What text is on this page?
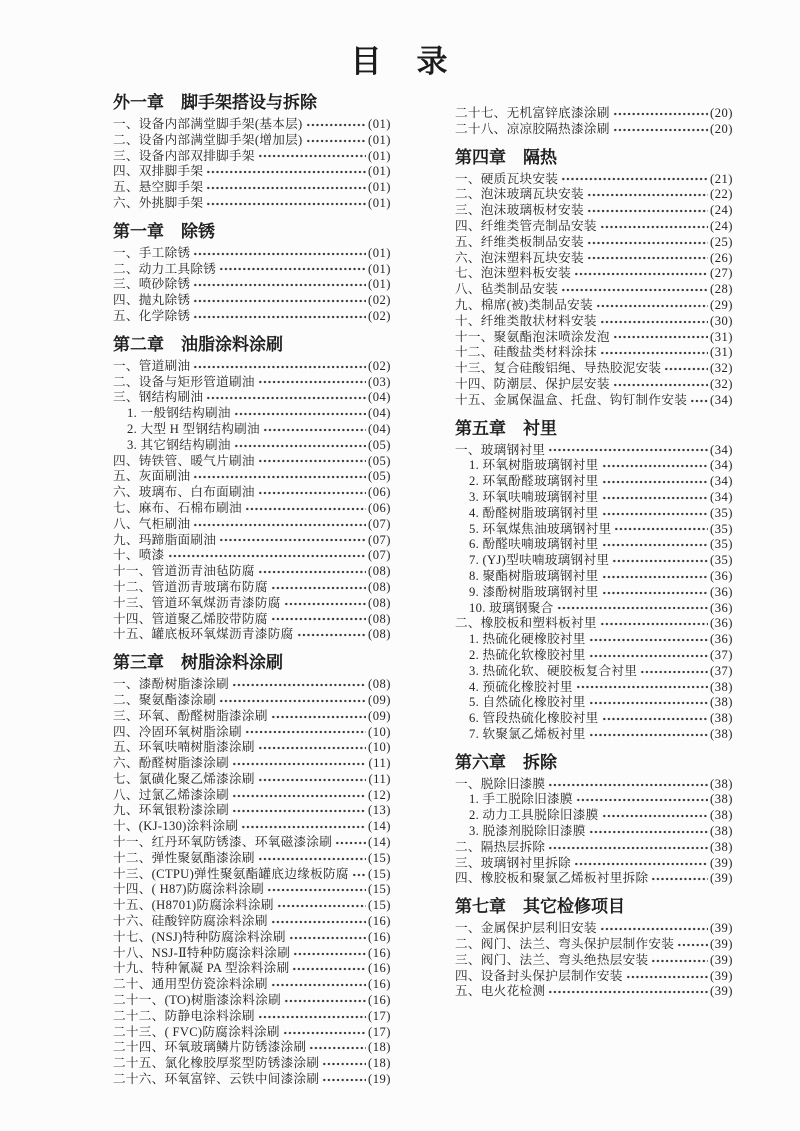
目　录
外一章　脚手架搭设与拆除
一、设备内部满堂脚手架(基本层)	(01)
二、设备内部满堂脚手架(增加层)	(01)
三、设备内部双排脚手架	(01)
四、双排脚手架	(01)
五、悬空脚手架	(01)
六、外挑脚手架	(01)
第一章　除锈
一、手工除锈	(01)
二、动力工具除锈	(01)
三、喷砂除锈	(01)
四、抛丸除锈	(02)
五、化学除锈	(02)
第二章　油脂涂料涂刷
一、管道刷油	(02)
二、设备与矩形管道刷油	(03)
三、钢结构刷油	(04)
1. 一般钢结构刷油	(04)
2. 大型 H 型钢结构刷油	(04)
3. 其它钢结构刷油	(05)
四、铸铁管、暖气片刷油	(05)
五、灰面刷油	(05)
六、玻璃布、白布面刷油	(06)
七、麻布、石棉布刷油	(06)
八、气柜刷油	(07)
九、玛蹄脂面刷油	(07)
十、喷漆	(07)
十一、管道沥青油毡防腐	(08)
十二、管道沥青玻璃布防腐	(08)
十三、管道环氧煤沥青漆防腐	(08)
十四、管道聚乙烯胶带防腐	(08)
十五、罐底板环氧煤沥青漆防腐	(08)
第三章　树脂涂料涂刷
一、漆酚树脂漆涂刷	(08)
二、聚氨酯漆涂刷	(09)
三、环氧、酚醛树脂漆涂刷	(09)
四、冷固环氧树脂涂刷	(10)
五、环氧呋喃树脂漆涂刷	(10)
六、酚醛树脂漆涂刷	(11)
七、氯磺化聚乙烯漆涂刷	(11)
八、过氯乙烯漆涂刷	(12)
九、环氧银粉漆涂刷	(13)
十、(KJ-130)涂料涂刷	(14)
十一、红丹环氧防锈漆、环氧磁漆涂刷	(14)
十二、弹性聚氨酯漆涂刷	(15)
十三、(CTPU)弹性聚氨酯罐底边缘板防腐 (15)
十四、( H87)防腐涂料涂刷	(15)
十五、(H8701)防腐涂料涂刷	(15)
十六、硅酸锌防腐涂料涂刷	(16)
十七、(NSJ)特种防腐涂料涂刷	(16)
十八、NSJ-Ⅱ特种防腐涂料涂刷	(16)
十九、特种氰凝 PA 型涂料涂刷	(16)
二十、通用型仿瓷涂料涂刷	(16)
二十一、(TO)树脂漆涂料涂刷	(16)
二十二、防静电涂料涂刷	(17)
二十三、( FVC)防腐涂料涂刷	(17)
二十四、环氧玻璃鳞片防锈漆涂刷	(18)
二十五、氯化橡胶厚浆型防锈漆涂刷	(18)
二十六、环氧富锌、云铁中间漆涂刷	(19)
二十七、无机富锌底漆涂刷	(20)
二十八、凉凉胶隔热漆涂刷	(20)
第四章　隔热
一、硬质瓦块安装	(21)
二、泡沫玻璃瓦块安装	(22)
三、泡沫玻璃板材安装	(24)
四、纤维类管壳制品安装	(24)
五、纤维类板制品安装	(25)
六、泡沫塑料瓦块安装	(26)
七、泡沫塑料板安装	(27)
八、毡类制品安装	(28)
九、棉席(被)类制品安装	(29)
十、纤维类散状材料安装	(30)
十一、聚氨酯泡沫喷涂发泡	(31)
十二、硅酸盐类材料涂抹	(31)
十三、复合硅酸铝绳、导热胶泥安装	(32)
十四、防潮层、保护层安装	(32)
十五、金属保温盒、托盘、钩钉制作安装 (34)
第五章　衬里
一、玻璃钢衬里	(34)
1. 环氧树脂玻璃钢衬里	(34)
2. 环氧酚醛玻璃钢衬里	(34)
3. 环氧呋喃玻璃钢衬里	(34)
4. 酚醛树脂玻璃钢衬里	(35)
5. 环氧煤焦油玻璃钢衬里	(35)
6. 酚醛呋喃玻璃钢衬里	(35)
7. (YJ)型呋喃玻璃钢衬里	(35)
8. 聚酯树脂玻璃钢衬里	(36)
9. 漆酚树脂玻璃钢衬里	(36)
10. 玻璃钢聚合	(36)
二、橡胶板和塑料板衬里	(36)
1. 热硫化硬橡胶衬里	(36)
2. 热硫化软橡胶衬里	(37)
3. 热硫化软、硬胶板复合衬里	(37)
4. 预硫化橡胶衬里	(38)
5. 自然硫化橡胶衬里	(38)
6. 管段热硫化橡胶衬里	(38)
7. 软聚氯乙烯板衬里	(38)
第六章　拆除
一、脱除旧漆膜	(38)
1. 手工脱除旧漆膜	(38)
2. 动力工具脱除旧漆膜	(38)
3. 脱漆剂脱除旧漆膜	(38)
二、隔热层拆除	(38)
三、玻璃钢衬里拆除	(39)
四、橡胶板和聚氯乙烯板衬里拆除	(39)
第七章　其它检修项目
一、金属保护层利旧安装	(39)
二、阀门、法兰、弯头保护层制作安装	(39)
三、阀门、法兰、弯头绝热层安装	(39)
四、设备封头保护层制作安装	(39)
五、电火花检测	(39)
